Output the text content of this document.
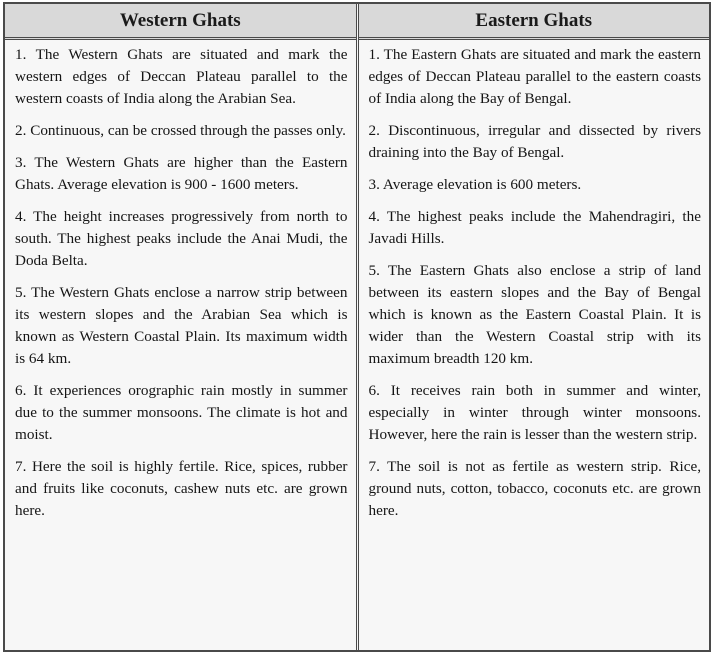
Western Ghats

1. The Western Ghats are situated and mark the western edges of Deccan Plateau parallel to the western coasts of India along the Arabian Sea.

2. Continuous, can be crossed through the passes only.

3. The Western Ghats are higher than the Eastern Ghats. Average elevation is 900 - 1600 meters.

4. The height increases progressively from north to south. The highest peaks include the Anai Mudi, the Doda Belta.

5. The Western Ghats enclose a narrow strip between its western slopes and the Arabian Sea which is known as Western Coastal Plain. Its maximum width is 64 km.

6. It experiences orographic rain mostly in summer due to the summer monsoons. The climate is hot and moist.

7. Here the soil is highly fertile. Rice, spices, rubber and fruits like coconuts, cashew nuts etc. are grown here.

Eastern Ghats

1. The Eastern Ghats are situated and mark the eastern edges of Deccan Plateau parallel to the eastern coasts of India along the Bay of Bengal.

2. Discontinuous, irregular and dissected by rivers draining into the Bay of Bengal.

3. Average elevation is 600 meters.

4. The highest peaks include the Mahendragiri, the Javadi Hills.

5. The Eastern Ghats also enclose a strip of land between its eastern slopes and the Bay of Bengal which is known as the Eastern Coastal Plain. It is wider than the Western Coastal strip with its maximum breadth 120 km.

6. It receives rain both in summer and winter, especially in winter through winter monsoons. However, here the rain is lesser than the western strip.

7. The soil is not as fertile as western strip. Rice, ground nuts, cotton, tobacco, coconuts etc. are grown here.
